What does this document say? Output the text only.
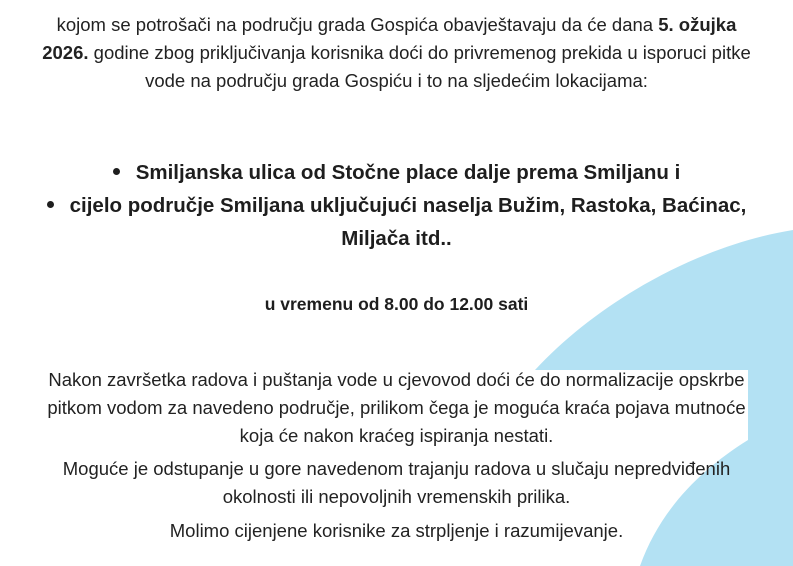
kojom se potrošači na području grada Gospića obavještavaju da će dana 5. ožujka 2026. godine zbog priključivanja korisnika doći do privremenog prekida u isporuci pitke vode na području grada Gospiću i to na sljedećim lokacijama:

Smiljanska ulica od Stočne place dalje prema Smiljanu i
cijelo područje Smiljana uključujući naselja Bužim, Rastoka, Baćinac, Miljača itd..

u vremenu od 8.00 do 12.00 sati

Nakon završetka radova i puštanja vode u cjevovod doći će do normalizacije opskrbe pitkom vodom za navedeno područje, prilikom čega je moguća kraća pojava mutnoće koja će nakon kraćeg ispiranja nestati.

Moguće je odstupanje u gore navedenom trajanju radova u slučaju nepredviđenih okolnosti ili nepovoljnih vremenskih prilika.

Molimo cijenjene korisnike za strpljenje i razumijevanje.
